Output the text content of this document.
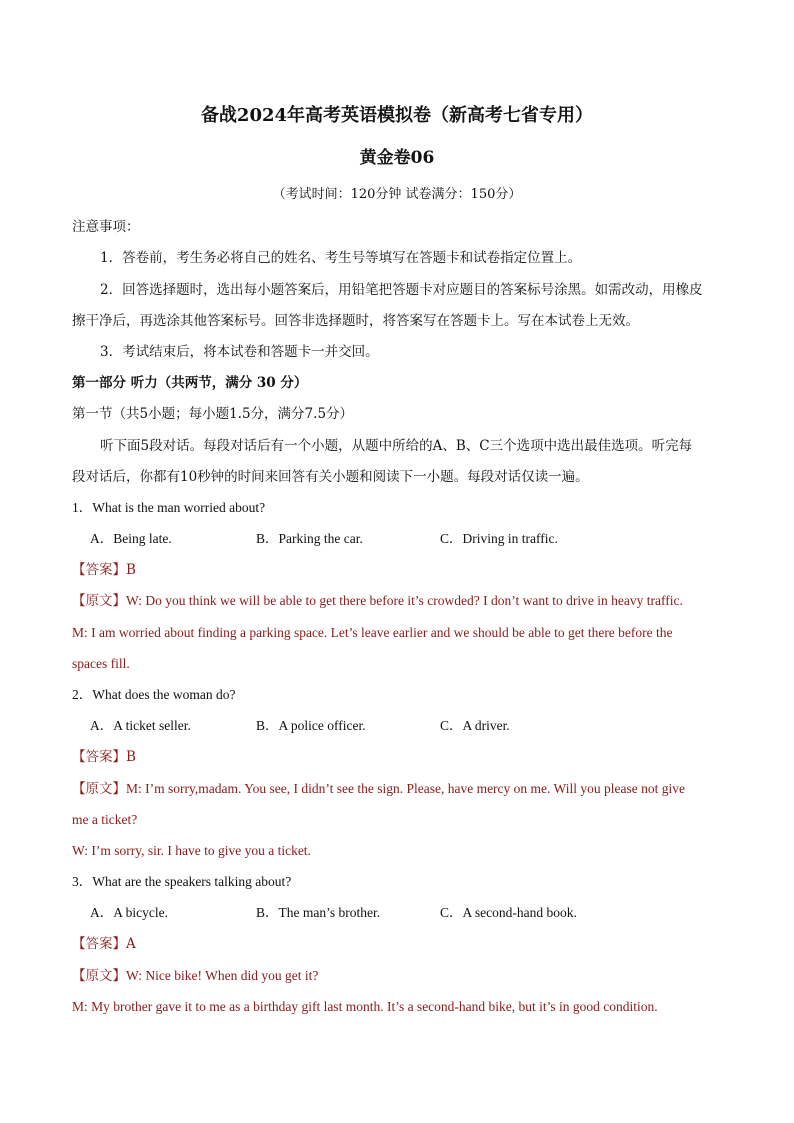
备战2024年高考英语模拟卷（新高考七省专用）
黄金卷06
（考试时间：120分钟 试卷满分：150分）
注意事项：
1．答卷前，考生务必将自己的姓名、考生号等填写在答题卡和试卷指定位置上。
2．回答选择题时，选出每小题答案后，用铅笔把答题卡对应题目的答案标号涂黑。如需改动，用橡皮
擦干净后，再选涂其他答案标号。回答非选择题时，将答案写在答题卡上。写在本试卷上无效。
3．考试结束后，将本试卷和答题卡一并交回。
第一部分 听力（共两节，满分 30 分）
第一节（共5小题；每小题1.5分，满分7.5分）
听下面5段对话。每段对话后有一个小题，从题中所给的A、B、C三个选项中选出最佳选项。听完每
段对话后，你都有10秒钟的时间来回答有关小题和阅读下一小题。每段对话仅读一遍。
1．What is the man worried about?
A．Being late.	B．Parking the car.	C．Driving in traffic.
【答案】B
【原文】W: Do you think we will be able to get there before it’s crowded? I don’t want to drive in heavy traffic.
M: I am worried about finding a parking space. Let’s leave earlier and we should be able to get there before the
spaces fill.
2．What does the woman do?
A．A ticket seller.	B．A police officer.	C．A driver.
【答案】B
【原文】M: I’m sorry,madam. You see, I didn’t see the sign. Please, have mercy on me. Will you please not give
me a ticket?
W: I’m sorry, sir. I have to give you a ticket.
3．What are the speakers talking about?
A．A bicycle.	B．The man’s brother.	C．A second-hand book.
【答案】A
【原文】W: Nice bike! When did you get it?
M: My brother gave it to me as a birthday gift last month. It’s a second-hand bike, but it’s in good condition.
